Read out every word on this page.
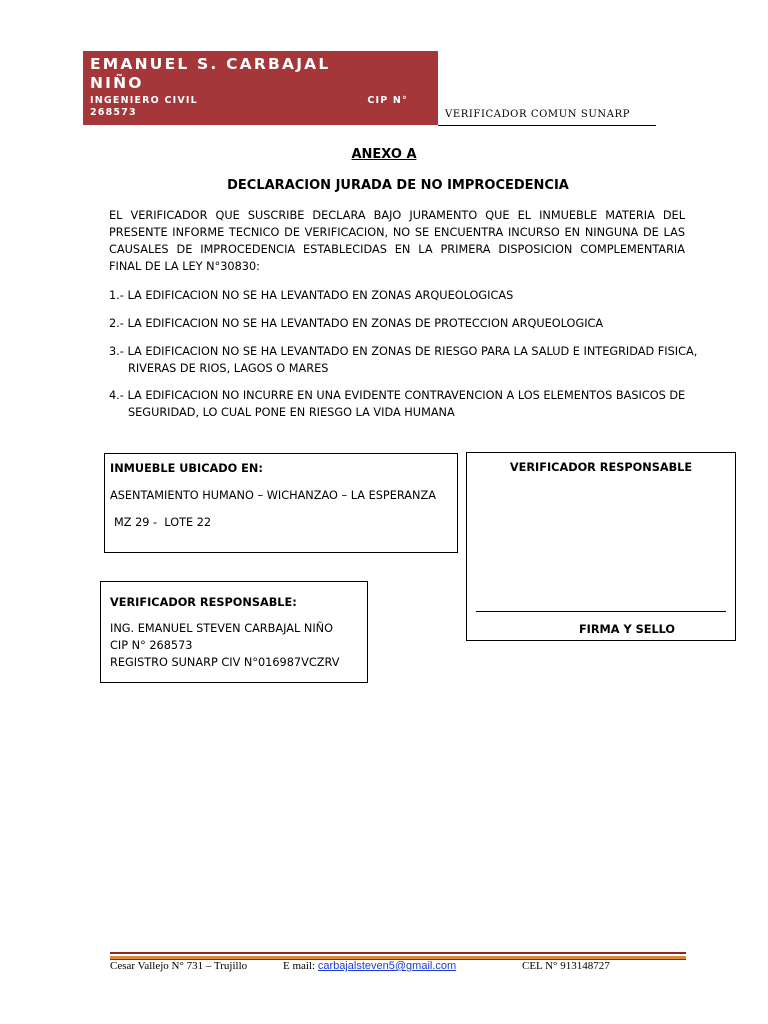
EMANUEL S. CARBAJAL
NIÑO
INGENIERO CIVIL	CIP N°
268573	VERIFICADOR COMUN SUNARP
ANEXO A
DECLARACION JURADA DE NO IMPROCEDENCIA
EL VERIFICADOR QUE SUSCRIBE DECLARA BAJO JURAMENTO QUE EL INMUEBLE MATERIA DEL PRESENTE INFORME TECNICO DE VERIFICACION, NO SE ENCUENTRA INCURSO EN NINGUNA DE LAS CAUSALES DE IMPROCEDENCIA ESTABLECIDAS EN LA PRIMERA DISPOSICION COMPLEMENTARIA FINAL DE LA LEY N°30830:
1.- LA EDIFICACION NO SE HA LEVANTADO EN ZONAS ARQUEOLOGICAS
2.- LA EDIFICACION NO SE HA LEVANTADO EN ZONAS DE PROTECCION ARQUEOLOGICA
3.- LA EDIFICACION NO SE HA LEVANTADO EN ZONAS DE RIESGO PARA LA SALUD E INTEGRIDAD FISICA, RIVERAS DE RIOS, LAGOS O MARES
4.- LA EDIFICACION NO INCURRE EN UNA EVIDENTE CONTRAVENCION A LOS ELEMENTOS BASICOS DE SEGURIDAD, LO CUAL PONE EN RIESGO LA VIDA HUMANA
INMUEBLE UBICADO EN:
ASENTAMIENTO HUMANO – WICHANZAO – LA ESPERANZA
MZ 29 -  LOTE 22
VERIFICADOR RESPONSABLE:
ING. EMANUEL STEVEN CARBAJAL NIÑO
CIP N° 268573
REGISTRO SUNARP CIV N°016987VCZRV
VERIFICADOR RESPONSABLE
FIRMA Y SELLO
Cesar Vallejo N° 731 – Trujillo	E mail: carbajalsteven5@gmail.com	CEL N° 913148727
